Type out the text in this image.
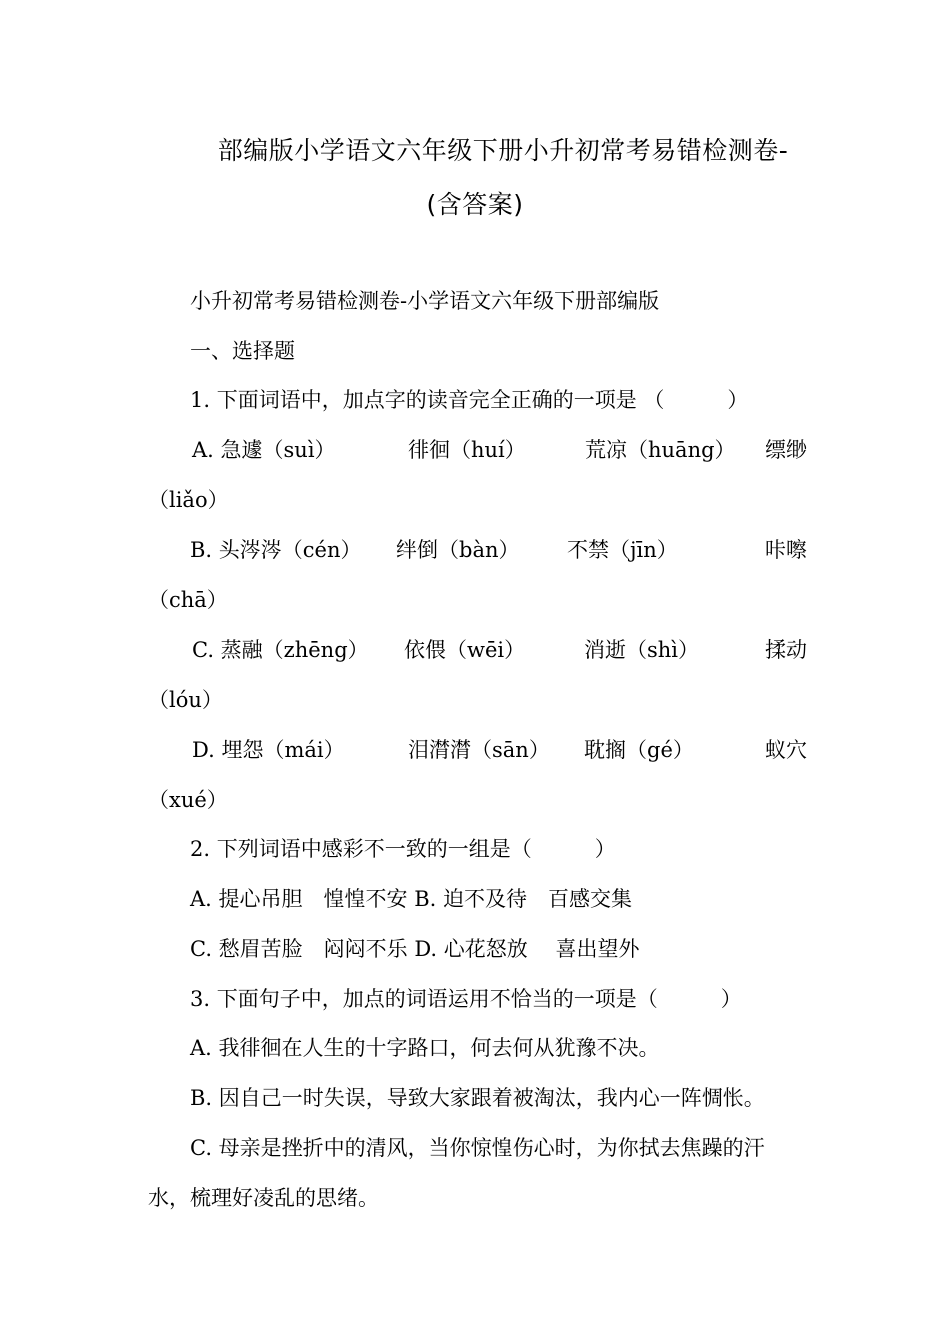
部编版小学语文六年级下册小升初常考易错检测卷-
(含答案)
小升初常考易错检测卷-小学语文六年级下册部编版
一、选择题
1. 下面词语中，加点字的读音完全正确的一项是 （　　　）
A. 急遽（suì）	徘徊（huí）	荒凉（huāng） 缥缈
（liǎo）
B. 头涔涔（cén） 绊倒（bàn） 不禁（jīn）	咔嚓
（chā）
C. 蒸融（zhēng） 依偎（wēi）	消逝（shì）	揉动
（lóu）
D. 埋怨（mái）	泪潸潸（sān） 耽搁（gé）	蚁穴
（xué）
2. 下列词语中感彩不一致的一组是（　　　）
A. 提心吊胆　惶惶不安 B. 迫不及待　百感交集
C. 愁眉苦脸　闷闷不乐 D. 心花怒放　 喜出望外
3. 下面句子中，加点的词语运用不恰当的一项是（　　　）
A. 我徘徊在人生的十字路口，何去何从犹豫不决。
B. 因自己一时失误，导致大家跟着被淘汰，我内心一阵惆怅。
C. 母亲是挫折中的清风，当你惊惶伤心时，为你拭去焦躁的汗
水，梳理好凌乱的思绪。
